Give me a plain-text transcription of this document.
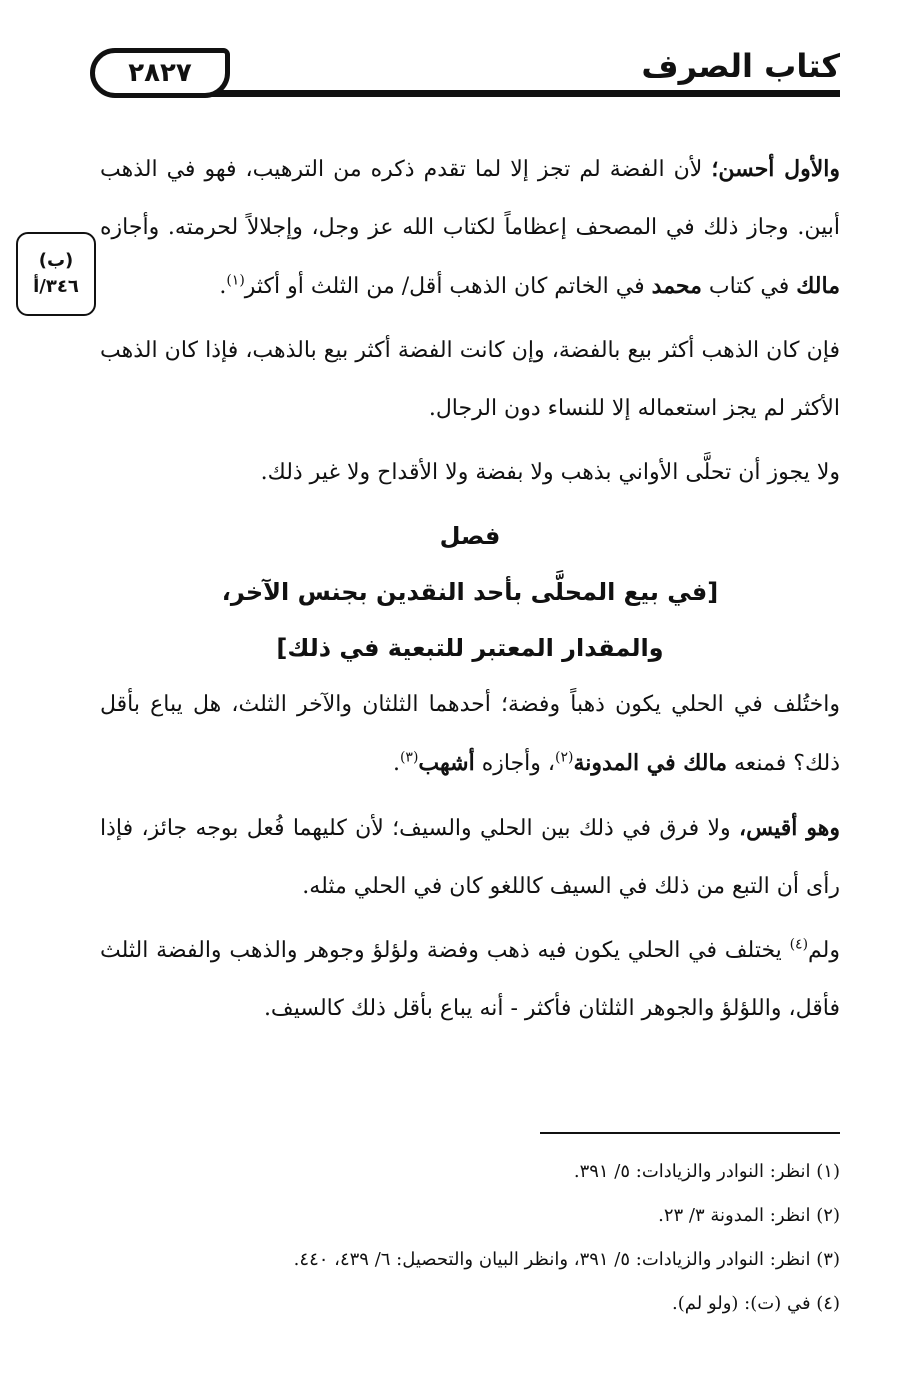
كتاب الصرف
٢٨٢٧
(ب)
٣٤٦/أ

والأول أحسن؛ لأن الفضة لم تجز إلا لما تقدم ذكره من الترهيب، فهو في الذهب أبين. وجاز ذلك في المصحف إعظاماً لكتاب الله عز وجل، وإجلالاً لحرمته. وأجازه مالك في كتاب محمد في الخاتم كان الذهب أقل/ من الثلث أو أكثر$^{(١)}$.

فإن كان الذهب أكثر بيع بالفضة، وإن كانت الفضة أكثر بيع بالذهب، فإذا كان الذهب الأكثر لم يجز استعماله إلا للنساء دون الرجال.

ولا يجوز أن تحلَّى الأواني بذهب ولا بفضة ولا الأقداح ولا غير ذلك.

فصل
[في بيع المحلَّى بأحد النقدين بجنس الآخر،
والمقدار المعتبر للتبعية في ذلك]

واختُلف في الحلي يكون ذهباً وفضة؛ أحدهما الثلثان والآخر الثلث، هل يباع بأقل ذلك؟ فمنعه مالك في المدونة$^{(٢)}$، وأجازه أشهب$^{(٣)}$.

وهو أقيس، ولا فرق في ذلك بين الحلي والسيف؛ لأن كليهما فُعل بوجه جائز، فإذا رأى أن التبع من ذلك في السيف كاللغو كان في الحلي مثله.

ولم$^{(٤)}$ يختلف في الحلي يكون فيه ذهب وفضة ولؤلؤ وجوهر والذهب والفضة الثلث فأقل، واللؤلؤ والجوهر الثلثان فأكثر - أنه يباع بأقل ذلك كالسيف.

(١) انظر: النوادر والزيادات: ٥/ ٣٩١.
(٢) انظر: المدونة ٣/ ٢٣.
(٣) انظر: النوادر والزيادات: ٥/ ٣٩١، وانظر البيان والتحصيل: ٦/ ٤٣٩، ٤٤٠.
(٤) في (ت): (ولو لم).
